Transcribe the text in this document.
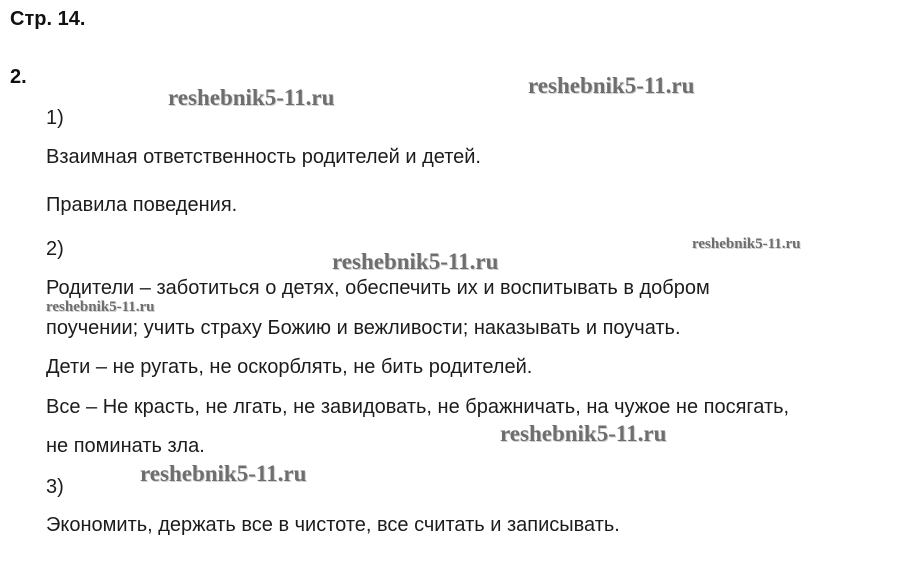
Стр. 14.
2.
1)
Взаимная ответственность родителей и детей.
Правила поведения.
2)
Родители – заботиться о детях, обеспечить их и воспитывать в добром
поучении; учить страху Божию и вежливости; наказывать и поучать.
Дети – не ругать, не оскорблять, не бить родителей.
Все – Не красть, не лгать, не завидовать, не бражничать, на чужое не посягать,
не поминать зла.
3)
Экономить, держать все в чистоте, все считать и записывать.
reshebnik5-11.ru	reshebnik5-11.ru
reshebnik5-11.ru
reshebnik5-11.ru
reshebnik5-11.ru
reshebnik5-11.ru
reshebnik5-11.ru
